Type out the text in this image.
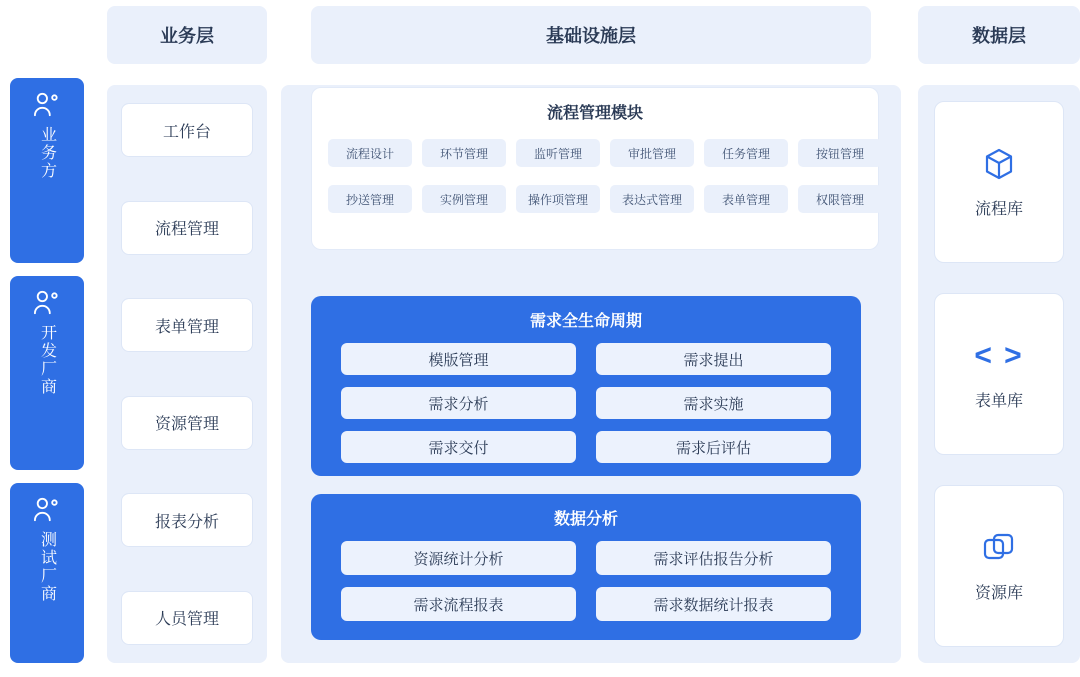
业务方
开发厂商
测试厂商
业务层	基础设施层	数据层
工作台
流程管理
表单管理
资源管理
报表分析
人员管理
流程管理模块
流程设计	环节管理	监听管理	审批管理	任务管理	按钮管理
抄送管理	实例管理	操作项管理	表达式管理	表单管理	权限管理
需求全生命周期
模版管理	需求提出
需求分析	需求实施
需求交付	需求后评估
数据分析
资源统计分析	需求评估报告分析
需求流程报表	需求数据统计报表
流程库
< >
表单库
资源库
